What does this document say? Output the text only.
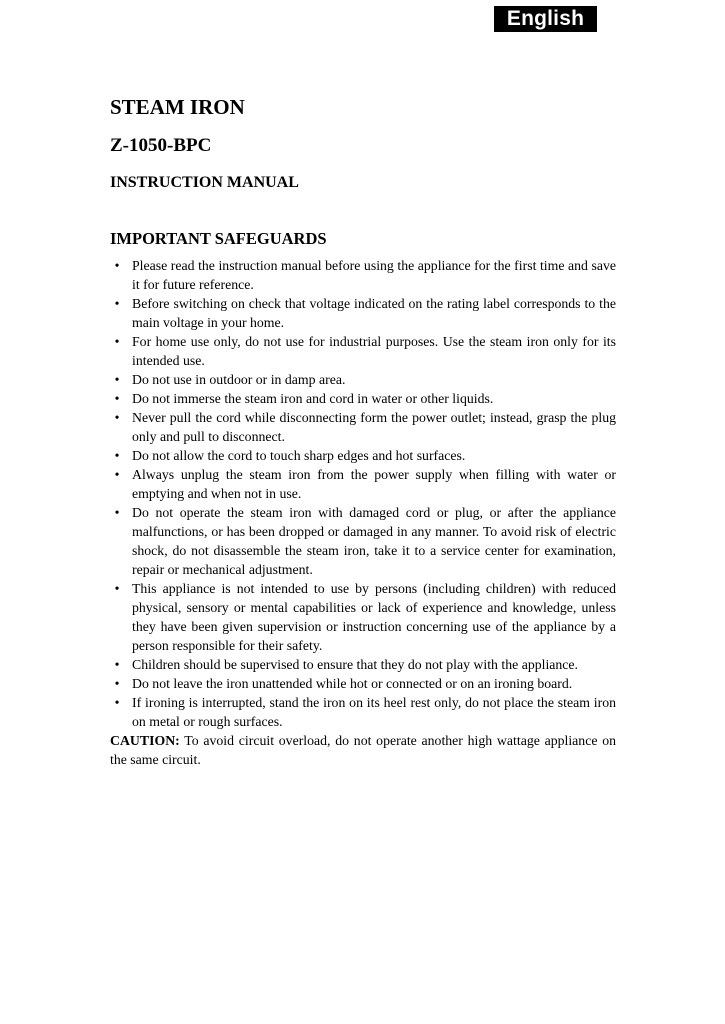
English
STEAM IRON
Z-1050-BPC
INSTRUCTION MANUAL
IMPORTANT SAFEGUARDS
• Please read the instruction manual before using the appliance for the first time and save it for future reference.
• Before switching on check that voltage indicated on the rating label corresponds to the main voltage in your home.
• For home use only, do not use for industrial purposes. Use the steam iron only for its intended use.
• Do not use in outdoor or in damp area.
• Do not immerse the steam iron and cord in water or other liquids.
• Never pull the cord while disconnecting form the power outlet; instead, grasp the plug only and pull to disconnect.
• Do not allow the cord to touch sharp edges and hot surfaces.
• Always unplug the steam iron from the power supply when filling with water or emptying and when not in use.
• Do not operate the steam iron with damaged cord or plug, or after the appliance malfunctions, or has been dropped or damaged in any manner. To avoid risk of electric shock, do not disassemble the steam iron, take it to a service center for examination, repair or mechanical adjustment.
• This appliance is not intended to use by persons (including children) with reduced physical, sensory or mental capabilities or lack of experience and knowledge, unless they have been given supervision or instruction concerning use of the appliance by a person responsible for their safety.
• Children should be supervised to ensure that they do not play with the appliance.
• Do not leave the iron unattended while hot or connected or on an ironing board.
• If ironing is interrupted, stand the iron on its heel rest only, do not place the steam iron on metal or rough surfaces.

CAUTION: To avoid circuit overload, do not operate another high wattage appliance on the same circuit.
